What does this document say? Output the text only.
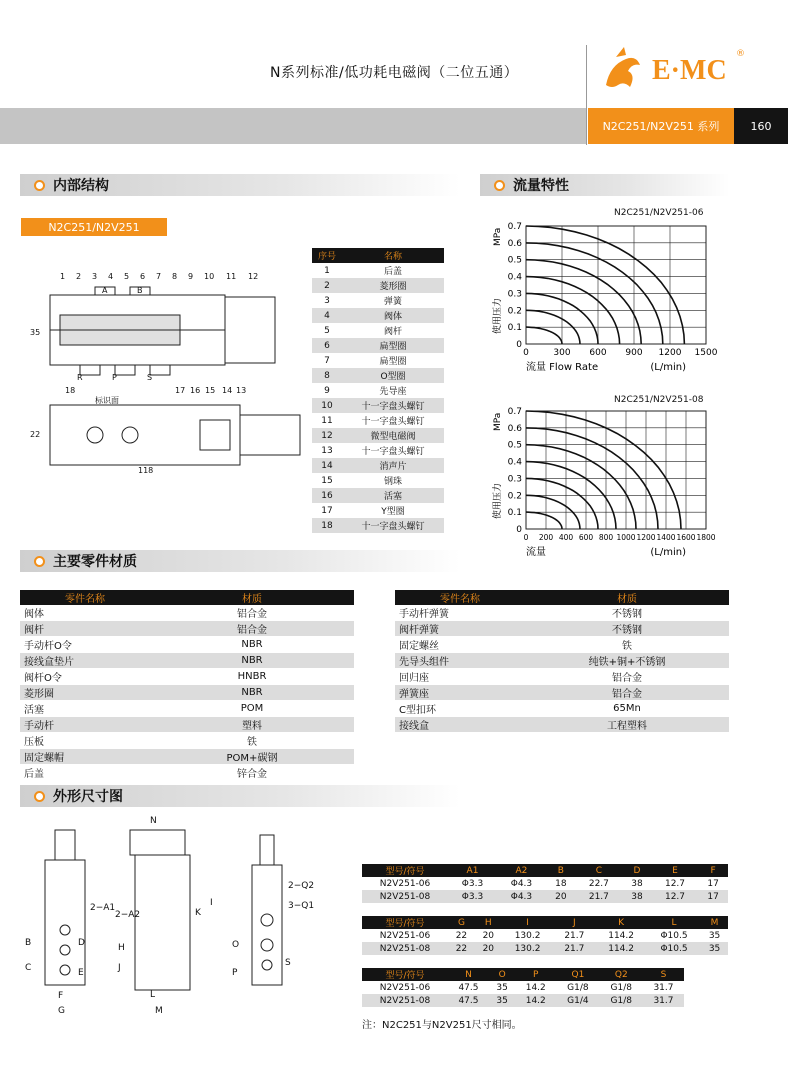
N系列标准/低功耗电磁阀（二位五通）	E·MC
®
N2C251/N2V251 系列	160
内部结构	流量特性
主要零件材质
外形尺寸图
N2C251/N2V251
35
22
118
标识面
A	B
R	P	S
1 2 3 4 5 6 7 8 9 10 11 12
18	17 16 15 14 13
序号	名称
1	后盖
2	菱形圈
3	弹簧
4	阀体
5	阀杆
6	扁型圈
7	扁型圈
8	O型圈
9	先导座
10	十一字盘头螺钉
11	十一字盘头螺钉
12	微型电磁阀
13	十一字盘头螺钉
14	消声片
15	钢珠
16	活塞
17	Y型圈
18	十一字盘头螺钉
N2C251/N2V251-06
0
0.1
0.2
0.3
0.4
0.5
0.6
0.7
0	300 600 900 1200 1500
使用压力
MPa
流量 Flow Rate	(L/min)
N2C251/N2V251-08
0
0.1
0.2
0.3
0.4
0.5
0.6
0.7
0 200 400 600 800 1000 1200 1400 1600 1800
使用压力
MPa
流量	(L/min)
零件名称	材质
阀体	铝合金
阀杆	铝合金
手动杆O令	NBR
接线盒垫片	NBR
阀杆O令	HNBR
菱形圈	NBR
活塞	POM
手动杆	塑料
压板	铁
固定螺帽	POM+碳钢
后盖	锌合金
零件名称	材质
手动杆弹簧	不锈钢
阀杆弹簧	不锈钢
固定螺丝	铁
先导头组件	纯铁+铜+不锈钢
回归座	铝合金
弹簧座	铝合金
C型扣环	65Mn
接线盒	工程塑料
2−A1
B
C
D
E
F
G
N
2−A2
H
J
K
I
L
M
2−Q2
3−Q1
O
P
S
型号/符号	A1	A2	B	C	D	E	F
N2V251-06	Φ3.3	Φ4.3	18	22.7	38	12.7	17
N2V251-08	Φ3.3	Φ4.3	20	21.7	38	12.7	17
型号/符号	G	H	I	J	K	L	M
N2V251-06	22	20	130.2	21.7	114.2	Φ10.5	35
N2V251-08	22	20	130.2	21.7	114.2	Φ10.5	35
型号/符号	N	O	P	Q1	Q2	S
N2V251-06	47.5	35	14.2	G1/8	G1/8	31.7
N2V251-08	47.5	35	14.2	G1/4	G1/8	31.7
注：N2C251与N2V251尺寸相同。
